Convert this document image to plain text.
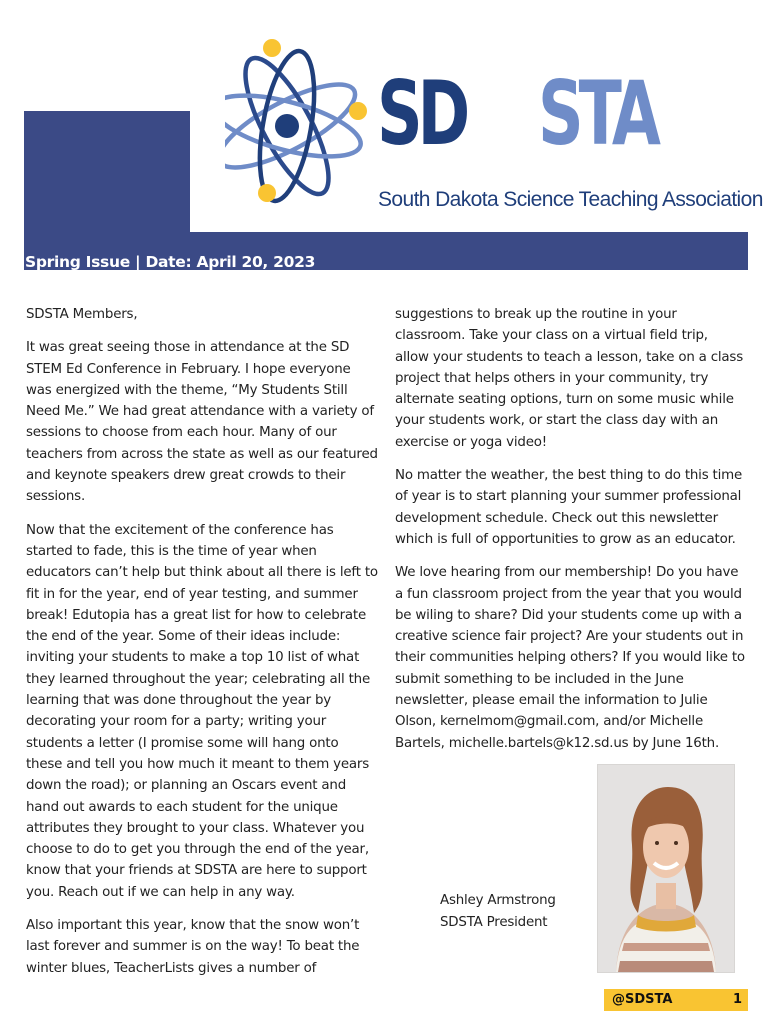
SD STA
South Dakota Science Teaching Association
Spring Issue | Date: April 20, 2023

SDSTA Members,

It was great seeing those in attendance at the SD STEM Ed Conference in February. I hope everyone was energized with the theme, “My Students Still Need Me.” We had great attendance with a variety of sessions to choose from each hour. Many of our teachers from across the state as well as our featured and keynote speakers drew great crowds to their sessions.

Now that the excitement of the conference has started to fade, this is the time of year when educators can’t help but think about all there is left to fit in for the year, end of year testing, and summer break! Edutopia has a great list for how to celebrate the end of the year. Some of their ideas include: inviting your students to make a top 10 list of what they learned throughout the year; celebrating all the learning that was done throughout the year by decorating your room for a party; writing your students a letter (I promise some will hang onto these and tell you how much it meant to them years down the road); or planning an Oscars event and hand out awards to each student for the unique attributes they brought to your class. Whatever you choose to do to get you through the end of the year, know that your friends at SDSTA are here to support you. Reach out if we can help in any way.

Also important this year, know that the snow won’t last forever and summer is on the way! To beat the winter blues, TeacherLists gives a number of

suggestions to break up the routine in your classroom. Take your class on a virtual field trip, allow your students to teach a lesson, take on a class project that helps others in your community, try alternate seating options, turn on some music while your students work, or start the class day with an exercise or yoga video!

No matter the weather, the best thing to do this time of year is to start planning your summer professional development schedule. Check out this newsletter which is full of opportunities to grow as an educator.

We love hearing from our membership! Do you have a fun classroom project from the year that you would be wiling to share? Did your students come up with a creative science fair project? Are your students out in their communities helping others? If you would like to submit something to be included in the June newsletter, please email the information to Julie Olson, kernelmom@gmail.com, and/or Michelle Bartels, michelle.bartels@k12.sd.us by June 16th.

Ashley Armstrong
SDSTA President
@SDSTA	1
